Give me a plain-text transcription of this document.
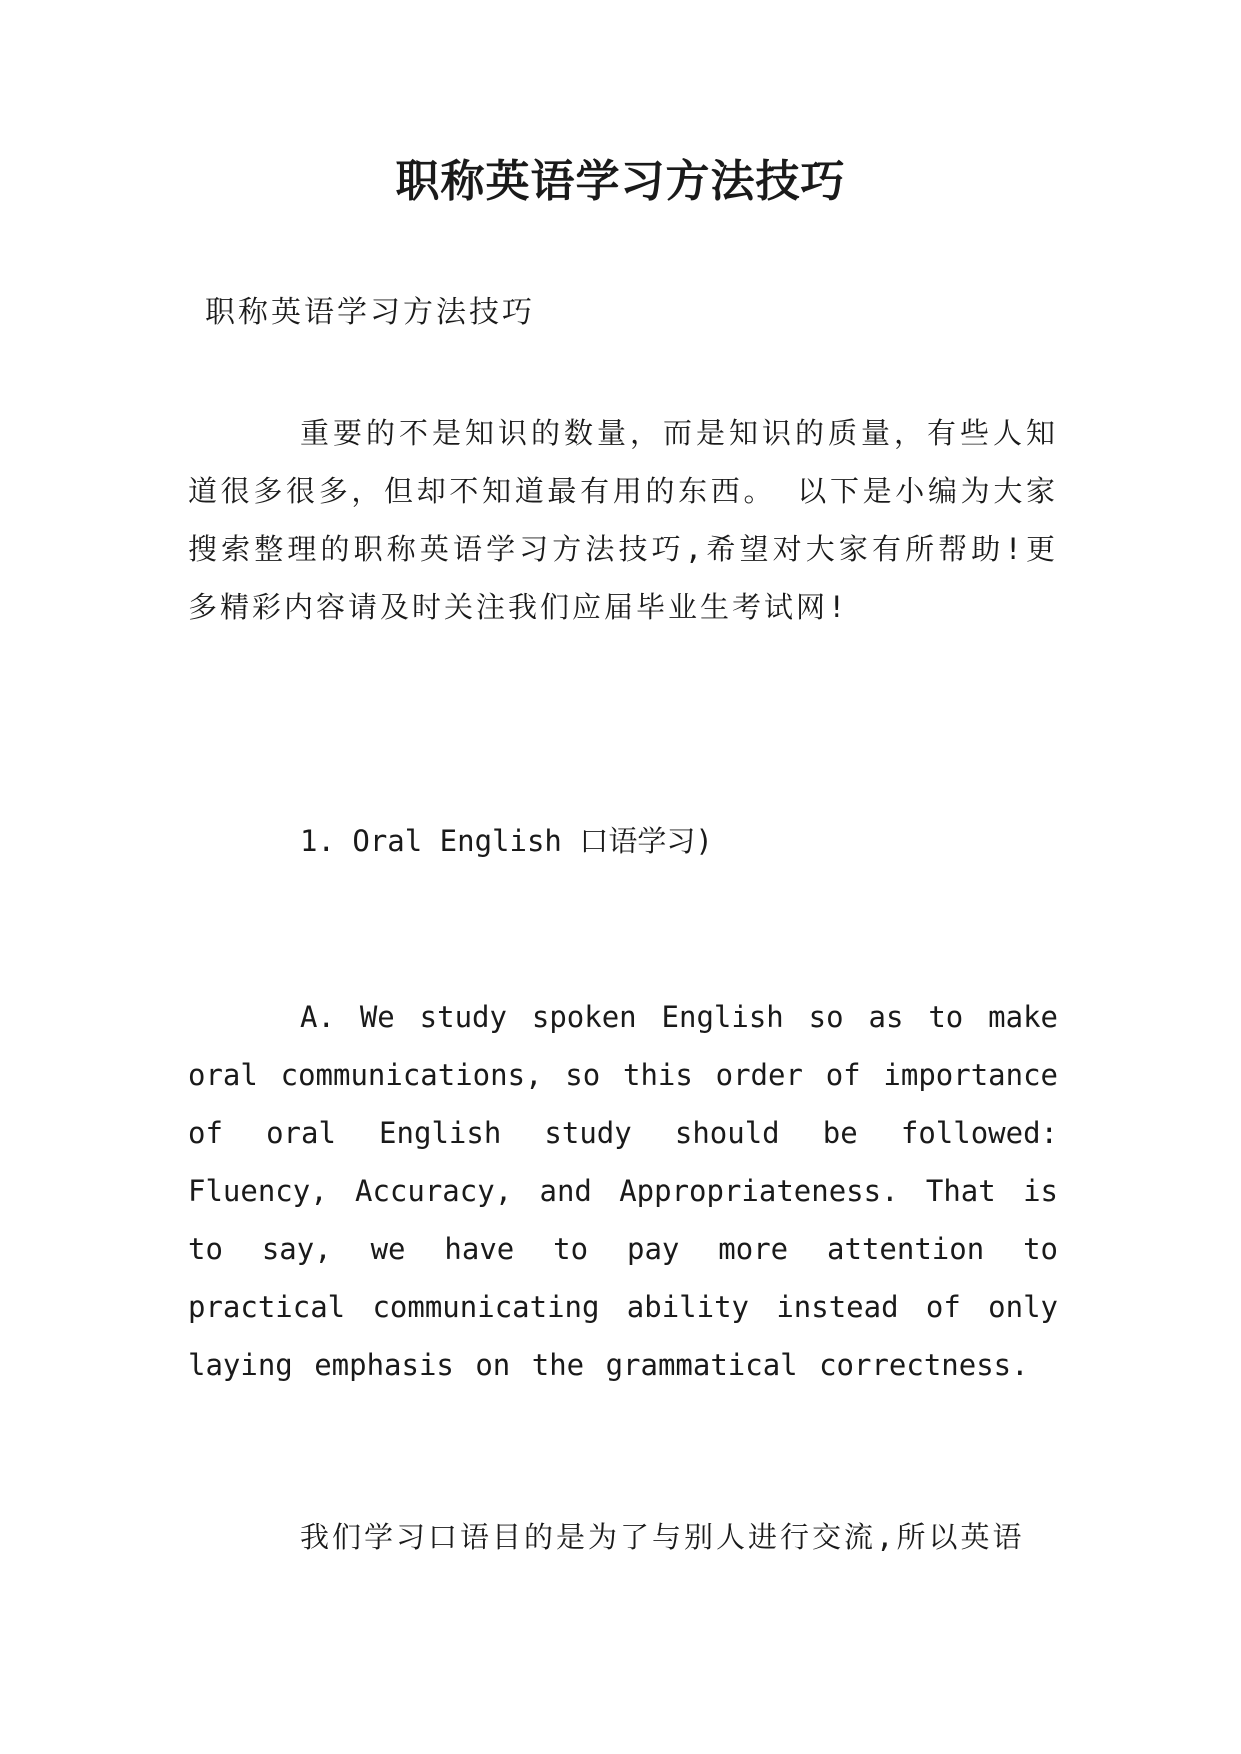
职称英语学习方法技巧
职称英语学习方法技巧

重要的不是知识的数量，而是知识的质量，有些人知道很多很多，但却不知道最有用的东西。 以下是小编为大家搜索整理的职称英语学习方法技巧,希望对大家有所帮助!更多精彩内容请及时关注我们应届毕业生考试网!

1. Oral English 口语学习)

A. We study spoken English so as to make oral communications, so this order of importance of oral English study should be followed: Fluency, Accuracy, and Appropriateness. That is to say, we have to pay more attention to practical communicating ability instead of only laying emphasis on the grammatical correctness.

我们学习口语目的是为了与别人进行交流,所以英语
